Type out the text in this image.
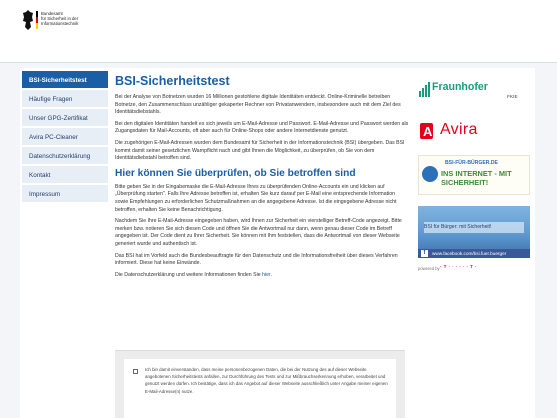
Bundesamt
für Sicherheit in der
Informationstechnik
BSI-Sicherheitstest
Häufige Fragen
Unser GPG-Zertifikat
Avira PC-Cleaner
Datenschutzerklärung
Kontakt
Impressum
BSI-Sicherheitstest

Bei der Analyse von Botnetzen wurden 16 Millionen gestohlene digitale Identitäten entdeckt. Online-Kriminelle betreiben Botnetze, den Zusammenschluss unzähliger gekaperter Rechner von Privatanwendern, insbesondere auch mit dem Ziel des Identitätsdiebstahls.

Bei den digitalen Identitäten handelt es sich jeweils um E-Mail-Adresse und Passwort. E-Mail-Adresse und Passwort werden als Zugangsdaten für Mail-Accounts, oft aber auch für Online-Shops oder andere Internetdienste genutzt.

Die zugehörigen E-Mail-Adressen wurden dem Bundesamt für Sicherheit in der Informationstechnik (BSI) übergeben. Das BSI kommt damit seiner gesetzlichen Warnpflicht nach und gibt Ihnen die Möglichkeit, zu überprüfen, ob Sie von dem Identitätsdiebstahl betroffen sind.

Hier können Sie überprüfen, ob Sie betroffen sind

Bitte geben Sie in der Eingabemaske die E-Mail-Adresse Ihres zu überprüfenden Online-Accounts ein und klicken auf „Überprüfung starten". Falls Ihre Adresse betroffen ist, erhalten Sie kurz darauf per E-Mail eine entsprechende Information sowie Empfehlungen zu erforderlichen Schutzmaßnahmen an die angegebene Adresse. Ist die eingegebene Adresse nicht betroffen, erhalten Sie keine Benachrichtigung.

Nachdem Sie Ihre E-Mail-Adresse eingegeben haben, wird Ihnen zur Sicherheit ein vierstelliger Betreff-Code angezeigt. Bitte merken bzw. notieren Sie sich diesen Code und öffnen Sie die Antwortmail nur dann, wenn genau dieser Code im Betreff angegeben ist. Der Code dient zu Ihrer Sicherheit. Sie können mit Ihm feststellen, dass die Antwortmail von dieser Webseite generiert wurde und authentisch ist.

Das BSI hat im Vorfeld auch die Bundesbeauftragte für den Datenschutz und die Informationsfreiheit über dieses Verfahren informiert. Diese hat keine Einwände.

Die Datenschutzerklärung und weitere Informationen finden Sie hier.

Ich bin damit einverstanden, dass meine personenbezogenen Daten, die bei der Nutzung des auf dieser Webseite angebotenen Sicherheitstests anfallen, zur Durchführung des Tests und zur Mißbrauchserkennung erhoben, verarbeitet und genutzt werden dürfen. Ich bestätige, dass ich das Angebot auf dieser Webseite ausschließlich unter Angabe meiner eigenen E-Mail-Adresse(n) nutze.
Fraunhofer
FKIE
A Avira
BSI-FÜR-BÜRGER.DE
INS INTERNET - MIT SICHERHEIT!
BSI für Bürger: mit Sicherheit!
www.facebook.com/bsi.fuer.buerger
f
powered by · T · · · · · · T ·
